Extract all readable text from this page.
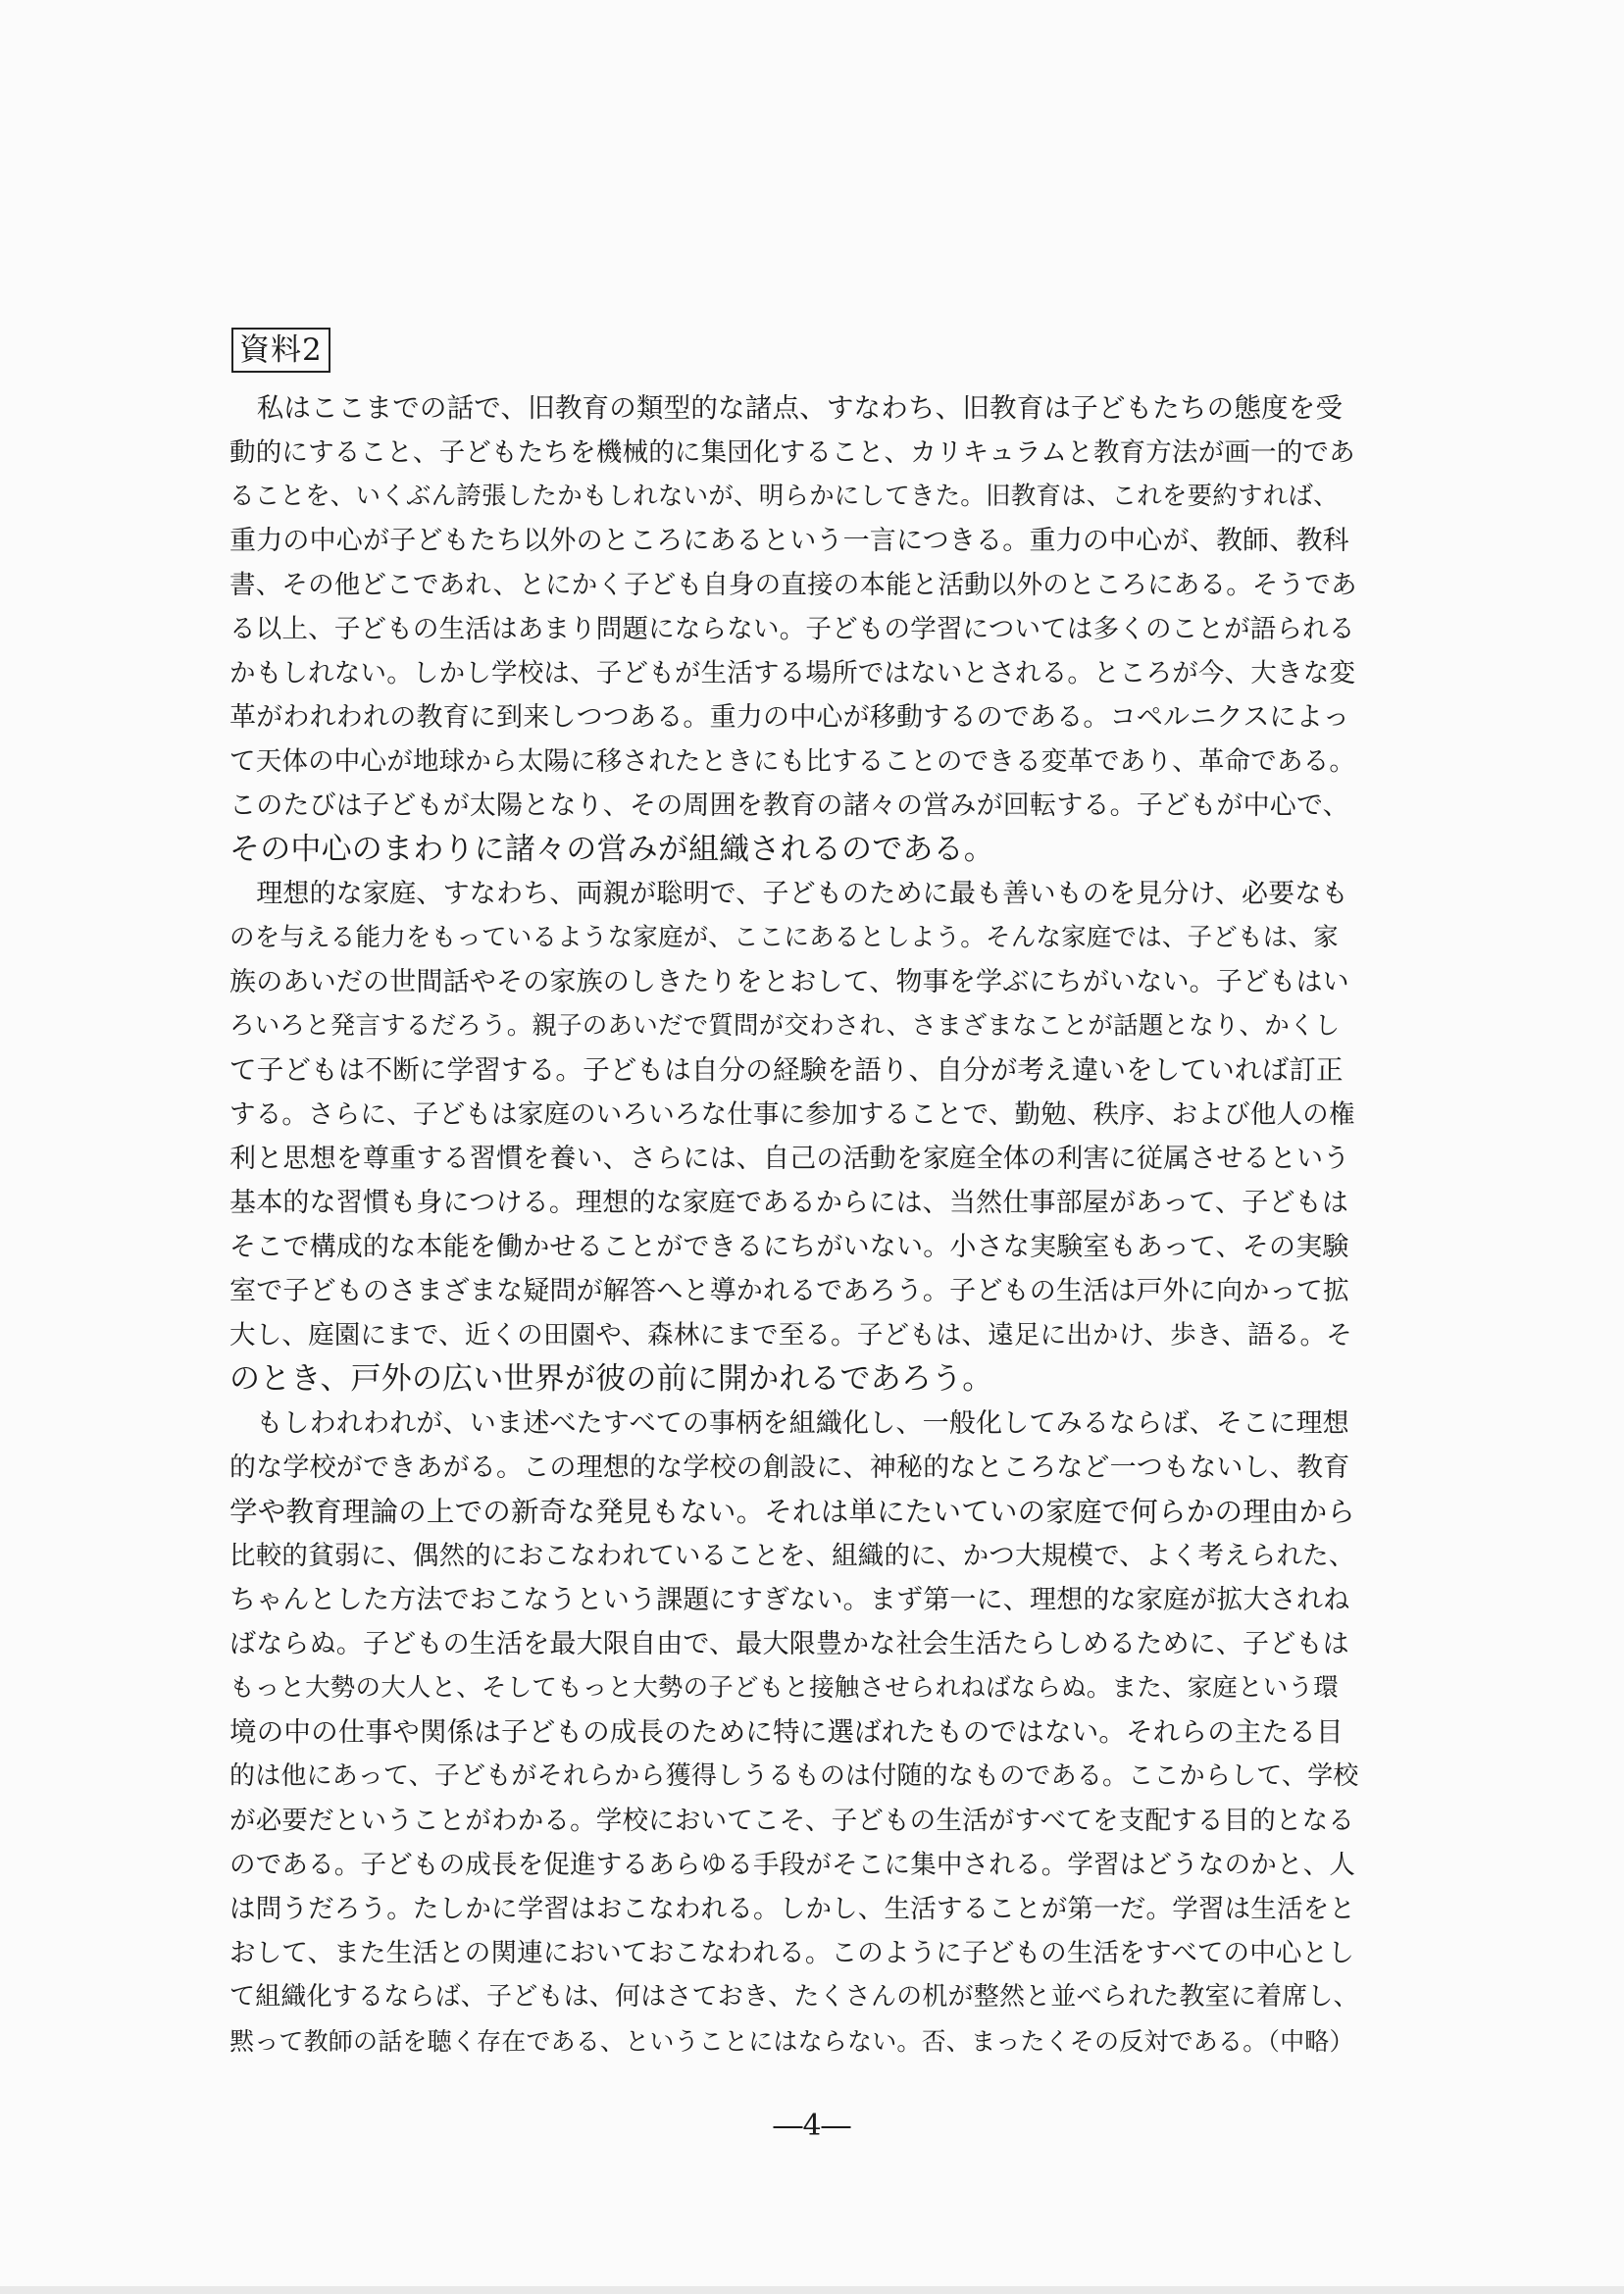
資料2
　私はここまでの話で、旧教育の類型的な諸点、すなわち、旧教育は子どもたちの態度を受
動的にすること、子どもたちを機械的に集団化すること、カリキュラムと教育方法が画一的であ
ることを、いくぶん誇張したかもしれないが、明らかにしてきた。旧教育は、これを要約すれば、
重力の中心が子どもたち以外のところにあるという一言につきる。重力の中心が、教師、教科
書、その他どこであれ、とにかく子ども自身の直接の本能と活動以外のところにある。そうであ
る以上、子どもの生活はあまり問題にならない。子どもの学習については多くのことが語られる
かもしれない。しかし学校は、子どもが生活する場所ではないとされる。ところが今、大きな変
革がわれわれの教育に到来しつつある。重力の中心が移動するのである。コペルニクスによっ
て天体の中心が地球から太陽に移されたときにも比することのできる変革であり、革命である。
このたびは子どもが太陽となり、その周囲を教育の諸々の営みが回転する。子どもが中心で、
その中心のまわりに諸々の営みが組織されるのである。
　理想的な家庭、すなわち、両親が聡明で、子どものために最も善いものを見分け、必要なも
のを与える能力をもっているような家庭が、ここにあるとしよう。そんな家庭では、子どもは、家
族のあいだの世間話やその家族のしきたりをとおして、物事を学ぶにちがいない。子どもはい
ろいろと発言するだろう。親子のあいだで質問が交わされ、さまざまなことが話題となり、かくし
て子どもは不断に学習する。子どもは自分の経験を語り、自分が考え違いをしていれば訂正
する。さらに、子どもは家庭のいろいろな仕事に参加することで、勤勉、秩序、および他人の権
利と思想を尊重する習慣を養い、さらには、自己の活動を家庭全体の利害に従属させるという
基本的な習慣も身につける。理想的な家庭であるからには、当然仕事部屋があって、子どもは
そこで構成的な本能を働かせることができるにちがいない。小さな実験室もあって、その実験
室で子どものさまざまな疑問が解答へと導かれるであろう。子どもの生活は戸外に向かって拡
大し、庭園にまで、近くの田園や、森林にまで至る。子どもは、遠足に出かけ、歩き、語る。そ
のとき、戸外の広い世界が彼の前に開かれるであろう。
　もしわれわれが、いま述べたすべての事柄を組織化し、一般化してみるならば、そこに理想
的な学校ができあがる。この理想的な学校の創設に、神秘的なところなど一つもないし、教育
学や教育理論の上での新奇な発見もない。それは単にたいていの家庭で何らかの理由から
比較的貧弱に、偶然的におこなわれていることを、組織的に、かつ大規模で、よく考えられた、
ちゃんとした方法でおこなうという課題にすぎない。まず第一に、理想的な家庭が拡大されね
ばならぬ。子どもの生活を最大限自由で、最大限豊かな社会生活たらしめるために、子どもは
もっと大勢の大人と、そしてもっと大勢の子どもと接触させられねばならぬ。また、家庭という環
境の中の仕事や関係は子どもの成長のために特に選ばれたものではない。それらの主たる目
的は他にあって、子どもがそれらから獲得しうるものは付随的なものである。ここからして、学校
が必要だということがわかる。学校においてこそ、子どもの生活がすべてを支配する目的となる
のである。子どもの成長を促進するあらゆる手段がそこに集中される。学習はどうなのかと、人
は問うだろう。たしかに学習はおこなわれる。しかし、生活することが第一だ。学習は生活をと
おして、また生活との関連においておこなわれる。このように子どもの生活をすべての中心とし
て組織化するならば、子どもは、何はさておき、たくさんの机が整然と並べられた教室に着席し、
黙って教師の話を聴く存在である、ということにはならない。否、まったくその反対である。（中略）
―4―
